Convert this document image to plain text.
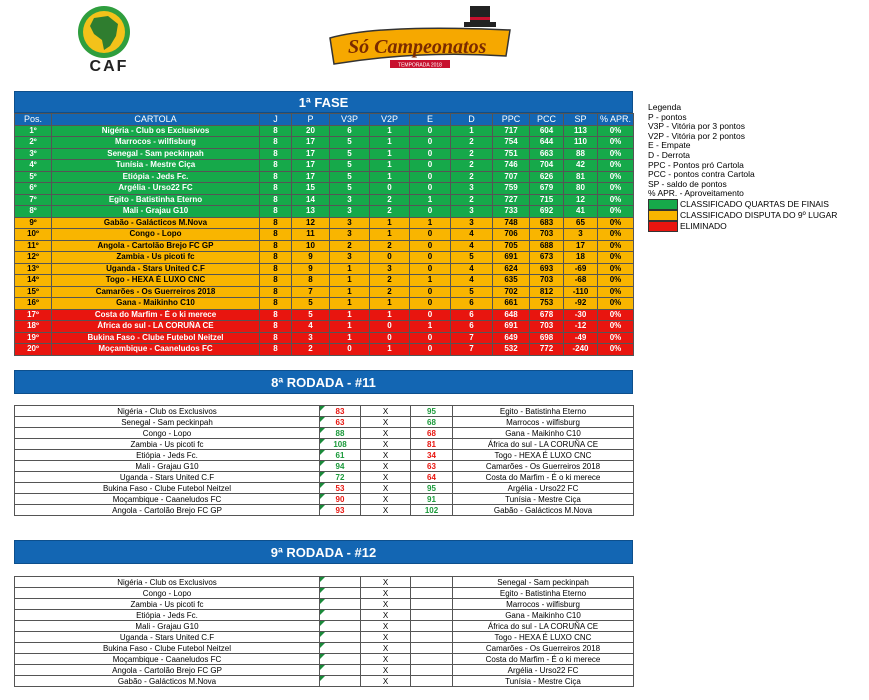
CAF
Só Campeonatos
TEMPORADA 2018
1ª FASE
Pos.	CARTOLA	J	P	V3P	V2P	E	D	PPC	PCC	SP	% APR.
1º	Nigéria - Club os Exclusivos	8	20	6	1	0	1	717	604	113	0%
2º	Marrocos - wilfisburg	8	17	5	1	0	2	754	644	110	0%
3º	Senegal - Sam peckinpah	8	17	5	1	0	2	751	663	88	0%
4º	Tunísia - Mestre Ciça	8	17	5	1	0	2	746	704	42	0%
5º	Etiópia - Jeds Fc.	8	17	5	1	0	2	707	626	81	0%
6º	Argélia - Urso22 FC	8	15	5	0	0	3	759	679	80	0%
7º	Egito - Batistinha Eterno	8	14	3	2	1	2	727	715	12	0%
8º	Mali - Grajau G10	8	13	3	2	0	3	733	692	41	0%
9º	Gabão - Galácticos M.Nova	8	12	3	1	1	3	748	683	65	0%
10º	Congo - Lopo	8	11	3	1	0	4	706	703	3	0%
11º	Angola - Cartolão Brejo FC GP	8	10	2	2	0	4	705	688	17	0%
12º	Zambia - Us picoti fc	8	9	3	0	0	5	691	673	18	0%
13º	Uganda - Stars United C.F	8	9	1	3	0	4	624	693	-69	0%
14º	Togo - HEXA É LUXO CNC	8	8	1	2	1	4	635	703	-68	0%
15º	Camarões - Os Guerreiros 2018	8	7	1	2	0	5	702	812	-110	0%
16º	Gana - Maikinho C10	8	5	1	1	0	6	661	753	-92	0%
17º	Costa do Marfim - É o ki merece	8	5	1	1	0	6	648	678	-30	0%
18º	África do sul - LA CORUÑA CE	8	4	1	0	1	6	691	703	-12	0%
19º	Bukina Faso - Clube Futebol Neitzel	8	3	1	0	0	7	649	698	-49	0%
20º	Moçambique - Caaneludos FC	8	2	0	1	0	7	532	772	-240	0%
Legenda
P - pontos
V3P - Vitória por 3 pontos
V2P - Vitória por 2 pontos
E - Empate
D - Derrota
PPC - Pontos pró Cartola
PCC - pontos contra Cartola
SP - saldo de pontos
% APR. - Aproveitamento
CLASSIFICADO QUARTAS DE FINAIS
CLASSIFICADO DISPUTA DO 9º LUGAR
ELIMINADO
8ª RODADA - #11
Nigéria - Club os Exclusivos	83	X	95	Egito - Batistinha Eterno
Senegal - Sam peckinpah	63	X	68	Marrocos - wilfisburg
Congo - Lopo	88	X	68	Gana - Maikinho C10
Zambia - Us picoti fc	108	X	81	África do sul - LA CORUÑA CE
Etiópia - Jeds Fc.	61	X	34	Togo - HEXA É LUXO CNC
Mali - Grajau G10	94	X	63	Camarões - Os Guerreiros 2018
Uganda - Stars United C.F	72	X	64	Costa do Marfim - É o ki merece
Bukina Faso - Clube Futebol Neitzel	53	X	95	Argélia - Urso22 FC
Moçambique - Caaneludos FC	90	X	91	Tunísia - Mestre Ciça
Angola - Cartolão Brejo FC GP	93	X	102	Gabão - Galácticos M.Nova
9ª RODADA - #12
Nigéria - Club os Exclusivos		X		Senegal - Sam peckinpah
Congo - Lopo		X		Egito - Batistinha Eterno
Zambia - Us picoti fc		X		Marrocos - wilfisburg
Etiópia - Jeds Fc.		X		Gana - Maikinho C10
Mali - Grajau G10		X		África do sul - LA CORUÑA CE
Uganda - Stars United C.F		X		Togo - HEXA É LUXO CNC
Bukina Faso - Clube Futebol Neitzel		X		Camarões - Os Guerreiros 2018
Moçambique - Caaneludos FC		X		Costa do Marfim - É o ki merece
Angola - Cartolão Brejo FC GP		X		Argélia - Urso22 FC
Gabão - Galácticos M.Nova		X		Tunísia - Mestre Ciça
